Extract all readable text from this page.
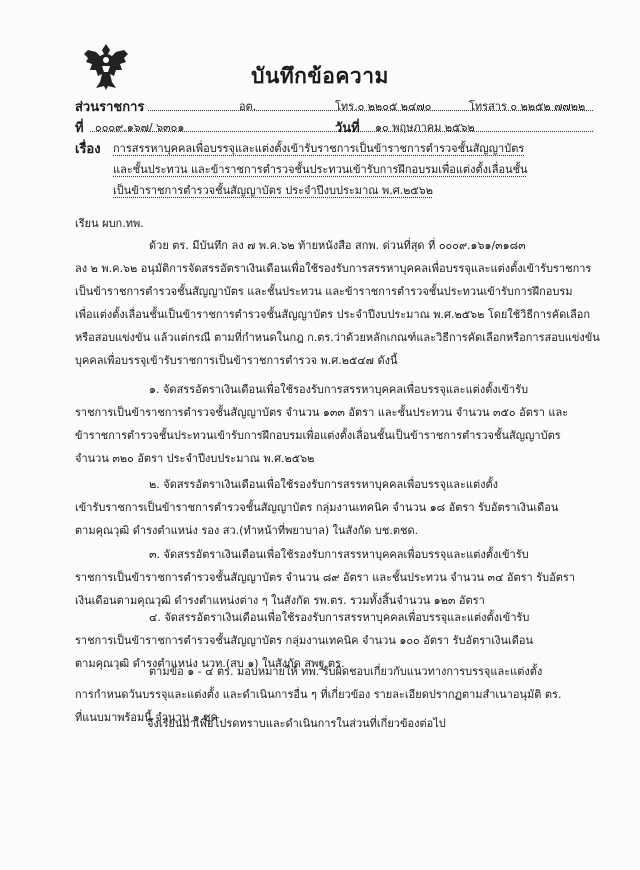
บันทึกข้อความ
ส่วนราชการ	อต.	โทร.๐ ๒๒๐๕ ๒๔๗๐	โทรสาร ๐ ๒๒๕๒ ๗๗๒๒
ที่ ๐๐๐๙.๑๖๗/ ๖๓๐๑	วันที่ ๑๐ พฤษภาคม ๒๕๖๒
เรื่อง การสรรหาบุคคลเพื่อบรรจุและแต่งตั้งเข้ารับราชการเป็นข้าราชการตำรวจชั้นสัญญาบัตร
และชั้นประทวน และข้าราชการตำรวจชั้นประทวนเข้ารับการฝึกอบรมเพื่อแต่งตั้งเลื่อนชั้น
เป็นข้าราชการตำรวจชั้นสัญญาบัตร ประจำปีงบประมาณ พ.ศ.๒๕๖๒
เรียน ผบก.ทพ.
ด้วย ตร. มีบันทึก ลง ๗ พ.ค.๖๒ ท้ายหนังสือ สกพ. ด่วนที่สุด ที่ ๐๐๐๙.๑๖๑/๓๑๘๓
ลง ๒ พ.ค.๖๒ อนุมัติการจัดสรรอัตราเงินเดือนเพื่อใช้รองรับการสรรหาบุคคลเพื่อบรรจุและแต่งตั้งเข้ารับราชการ
เป็นข้าราชการตำรวจชั้นสัญญาบัตร และชั้นประทวน และข้าราชการตำรวจชั้นประทวนเข้ารับการฝึกอบรม
เพื่อแต่งตั้งเลื่อนชั้นเป็นข้าราชการตำรวจชั้นสัญญาบัตร ประจำปีงบประมาณ พ.ศ.๒๕๖๒ โดยใช้วิธีการคัดเลือก
หรือสอบแข่งขัน แล้วแต่กรณี ตามที่กำหนดในกฎ ก.ตร.ว่าด้วยหลักเกณฑ์และวิธีการคัดเลือกหรือการสอบแข่งขัน
บุคคลเพื่อบรรจุเข้ารับราชการเป็นข้าราชการตำรวจ พ.ศ.๒๕๔๗ ดังนี้
๑. จัดสรรอัตราเงินเดือนเพื่อใช้รองรับการสรรหาบุคคลเพื่อบรรจุและแต่งตั้งเข้ารับ
ราชการเป็นข้าราชการตำรวจชั้นสัญญาบัตร จำนวน ๑๓๓ อัตรา และชั้นประทวน จำนวน ๓๕๐ อัตรา และ
ข้าราชการตำรวจชั้นประทวนเข้ารับการฝึกอบรมเพื่อแต่งตั้งเลื่อนชั้นเป็นข้าราชการตำรวจชั้นสัญญาบัตร
จำนวน ๓๒๐ อัตรา ประจำปีงบประมาณ พ.ศ.๒๕๖๒
๒. จัดสรรอัตราเงินเดือนเพื่อใช้รองรับการสรรหาบุคคลเพื่อบรรจุและแต่งตั้ง
เข้ารับราชการเป็นข้าราชการตำรวจชั้นสัญญาบัตร กลุ่มงานเทคนิค จำนวน ๑๘ อัตรา รับอัตราเงินเดือน
ตามคุณวุฒิ ดำรงตำแหน่ง รอง สว.(ทำหน้าที่พยาบาล) ในสังกัด บช.ตชด.
๓. จัดสรรอัตราเงินเดือนเพื่อใช้รองรับการสรรหาบุคคลเพื่อบรรจุและแต่งตั้งเข้ารับ
ราชการเป็นข้าราชการตำรวจชั้นสัญญาบัตร จำนวน ๘๙ อัตรา และชั้นประทวน จำนวน ๓๔ อัตรา รับอัตรา
เงินเดือนตามคุณวุฒิ ดำรงตำแหน่งต่าง ๆ ในสังกัด รพ.ตร. รวมทั้งสิ้นจำนวน ๑๒๓ อัตรา
๔. จัดสรรอัตราเงินเดือนเพื่อใช้รองรับการสรรหาบุคคลเพื่อบรรจุและแต่งตั้งเข้ารับ
ราชการเป็นข้าราชการตำรวจชั้นสัญญาบัตร กลุ่มงานเทคนิค จำนวน ๑๐๐ อัตรา รับอัตราเงินเดือน
ตามคุณวุฒิ ดำรงตำแหน่ง นวท.(สบ ๑) ในสังกัด สพฐ.ตร.
ตามข้อ ๑ - ๔ ตร. มอบหมายให้ ทพ. รับผิดชอบเกี่ยวกับแนวทางการบรรจุและแต่งตั้ง
การกำหนดวันบรรจุและแต่งตั้ง และดำเนินการอื่น ๆ ที่เกี่ยวข้อง รายละเอียดปรากฏตามสำเนาอนุมัติ ตร.
ที่แนบมาพร้อมนี้ จำนวน ๑ ชุด
จึงเรียนมาเพื่อโปรดทราบและดำเนินการในส่วนที่เกี่ยวข้องต่อไป
